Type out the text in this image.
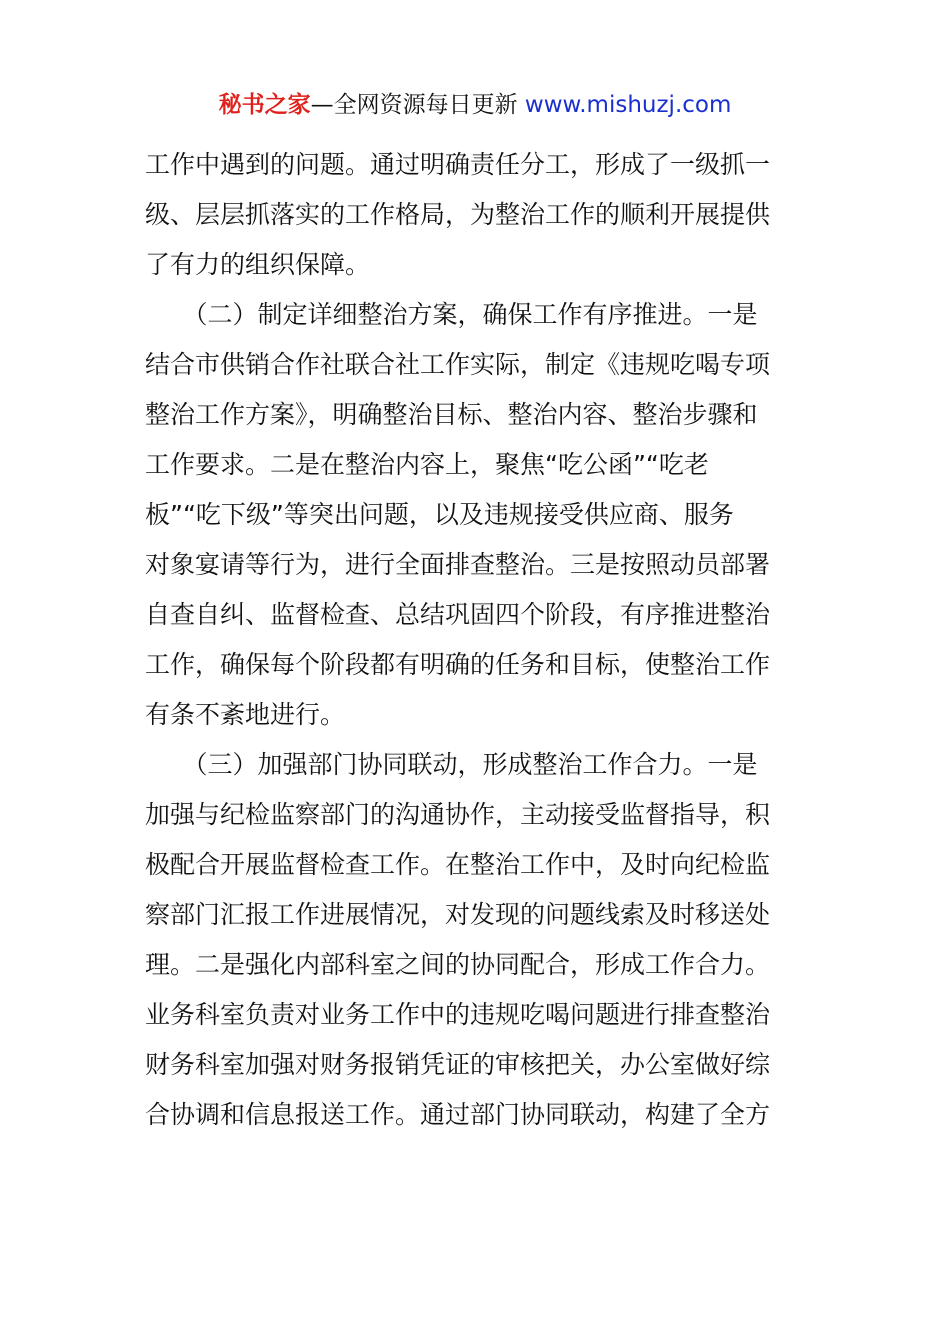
秘书之家—全网资源每日更新 www.mishuzj.com
工作中遇到的问题。通过明确责任分工，形成了一级抓一
级、层层抓落实的工作格局，为整治工作的顺利开展提供
了有力的组织保障。
　　（二）制定详细整治方案，确保工作有序推进。一是
结合市供销合作社联合社工作实际，制定《违规吃喝专项
整治工作方案》，明确整治目标、整治内容、整治步骤和
工作要求。二是在整治内容上，聚焦“吃公函”“吃老
板”“吃下级”等突出问题，以及违规接受供应商、服务
对象宴请等行为，进行全面排查整治。三是按照动员部署
自查自纠、监督检查、总结巩固四个阶段，有序推进整治
工作，确保每个阶段都有明确的任务和目标，使整治工作
有条不紊地进行。
　　（三）加强部门协同联动，形成整治工作合力。一是
加强与纪检监察部门的沟通协作，主动接受监督指导，积
极配合开展监督检查工作。在整治工作中，及时向纪检监
察部门汇报工作进展情况，对发现的问题线索及时移送处
理。二是强化内部科室之间的协同配合，形成工作合力。
业务科室负责对业务工作中的违规吃喝问题进行排查整治
财务科室加强对财务报销凭证的审核把关，办公室做好综
合协调和信息报送工作。通过部门协同联动，构建了全方
